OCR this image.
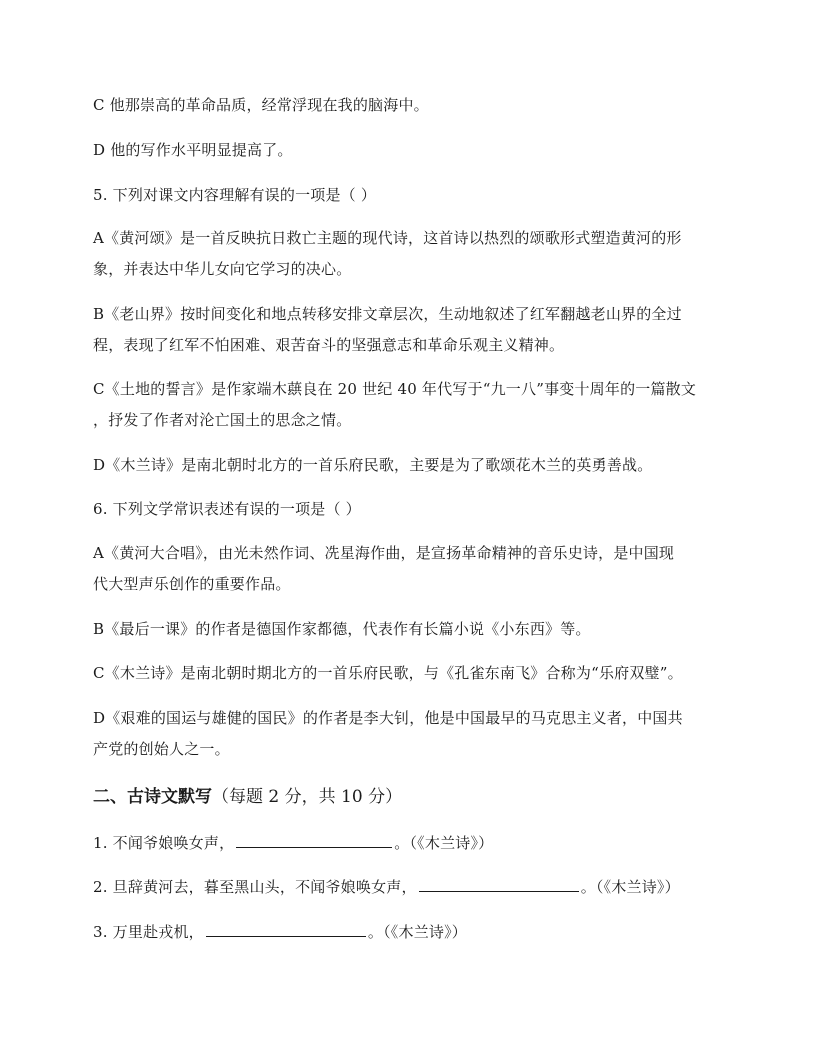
C 他那崇高的革命品质，经常浮现在我的脑海中。
D 他的写作水平明显提高了。
5. 下列对课文内容理解有误的一项是（ ）
A《黄河颂》是一首反映抗日救亡主题的现代诗，这首诗以热烈的颂歌形式塑造黄河的形
象，并表达中华儿女向它学习的决心。
B《老山界》按时间变化和地点转移安排文章层次，生动地叙述了红军翻越老山界的全过
程，表现了红军不怕困难、艰苦奋斗的坚强意志和革命乐观主义精神。
C《土地的誓言》是作家端木蕻良在 20 世纪 40 年代写于“九一八”事变十周年的一篇散文
，抒发了作者对沦亡国土的思念之情。
D《木兰诗》是南北朝时北方的一首乐府民歌，主要是为了歌颂花木兰的英勇善战。
6. 下列文学常识表述有误的一项是（ ）
A《黄河大合唱》，由光未然作词、冼星海作曲，是宣扬革命精神的音乐史诗，是中国现
代大型声乐创作的重要作品。
B《最后一课》的作者是德国作家都德，代表作有长篇小说《小东西》等。
C《木兰诗》是南北朝时期北方的一首乐府民歌，与《孔雀东南飞》合称为“乐府双璧”。
D《艰难的国运与雄健的国民》的作者是李大钊，他是中国最早的马克思主义者，中国共
产党的创始人之一。
二、古诗文默写（每题 2 分，共 10 分）
1. 不闻爷娘唤女声，	。（《木兰诗》）
2. 旦辞黄河去，暮至黑山头，不闻爷娘唤女声，	。（《木兰诗》）
3. 万里赴戎机，	。（《木兰诗》）
